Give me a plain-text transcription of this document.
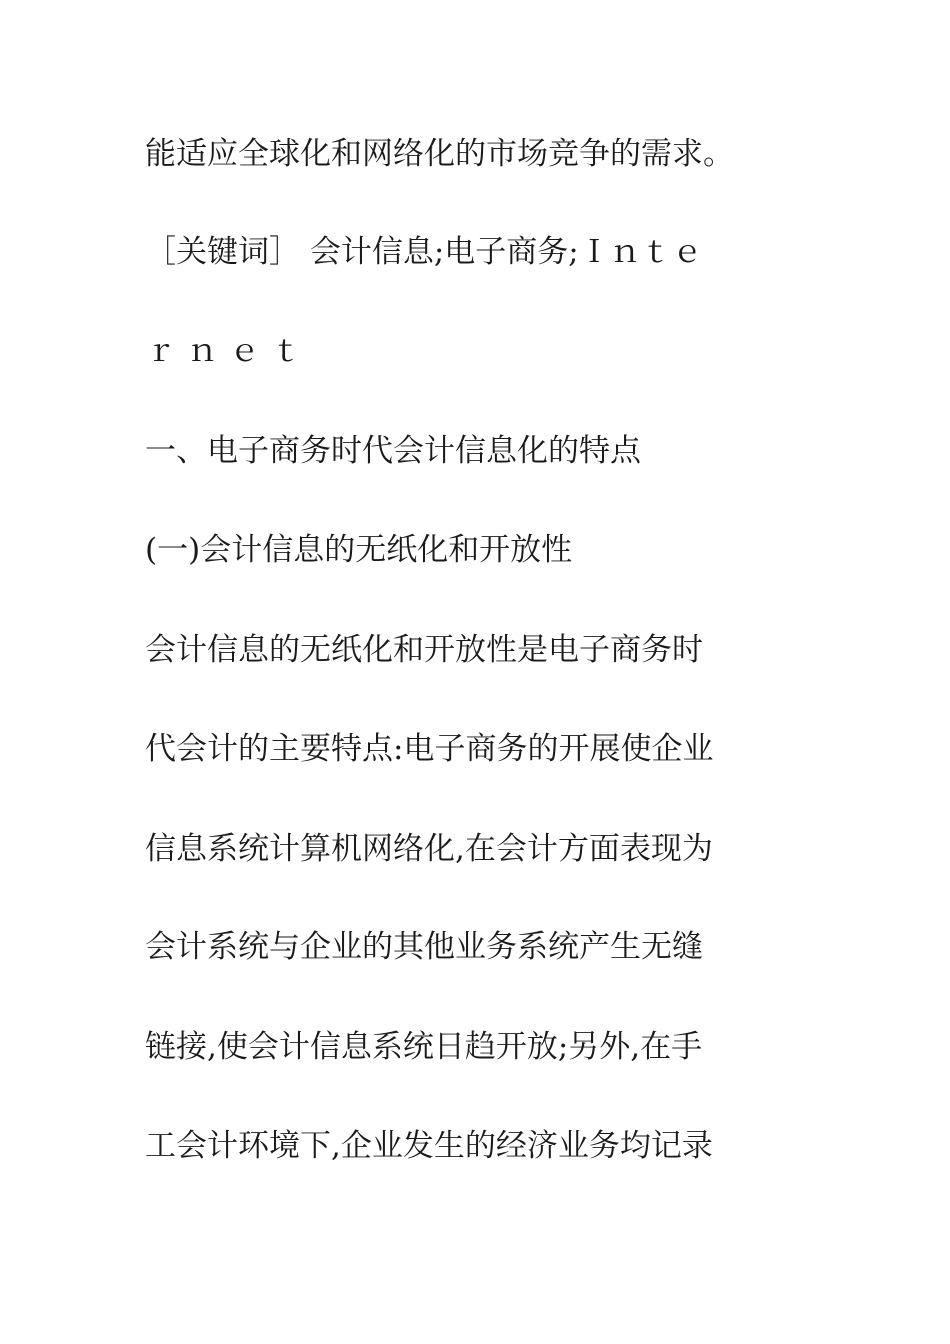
能适应全球化和网络化的市场竞争的需求。

［关键词］ 会计信息;电子商务;Ｉｎｔｅ

ｒｎｅｔ

一、电子商务时代会计信息化的特点

(一)会计信息的无纸化和开放性

会计信息的无纸化和开放性是电子商务时

代会计的主要特点:电子商务的开展使企业

信息系统计算机网络化,在会计方面表现为

会计系统与企业的其他业务系统产生无缝

链接,使会计信息系统日趋开放;另外,在手

工会计环境下,企业发生的经济业务均记录
